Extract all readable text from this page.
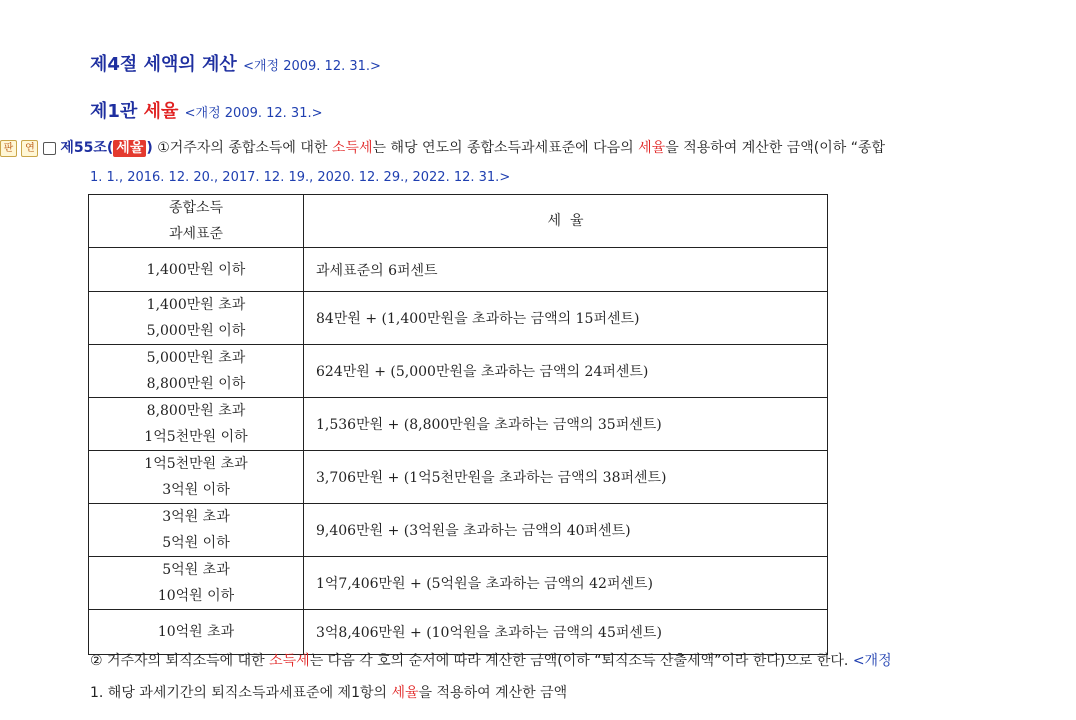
제4절 세액의 계산 <개정 2009. 12. 31.>
제1관 세율 <개정 2009. 12. 31.>
판 연 제55조( 세율 ) ①거주자의 종합소득에 대한 소득세는 해당 연도의 종합소득과세표준에 다음의 세율을 적용하여 계산한 금액(이하 “종합
1. 1., 2016. 12. 20., 2017. 12. 19., 2020. 12. 29., 2022. 12. 31.>
종합소득
과세표준	세  율

1,400만원 이하	과세표준의 6퍼센트

1,400만원 초과
5,000만원 이하	84만원 + (1,400만원을 초과하는 금액의 15퍼센트)

5,000만원 초과
8,800만원 이하	624만원 + (5,000만원을 초과하는 금액의 24퍼센트)

8,800만원 초과
1억5천만원 이하	1,536만원 + (8,800만원을 초과하는 금액의 35퍼센트)

1억5천만원 초과
3억원 이하	3,706만원 + (1억5천만원을 초과하는 금액의 38퍼센트)

3억원 초과
5억원 이하	9,406만원 + (3억원을 초과하는 금액의 40퍼센트)

5억원 초과
10억원 이하	1억7,406만원 + (5억원을 초과하는 금액의 42퍼센트)

10억원 초과	3억8,406만원 + (10억원을 초과하는 금액의 45퍼센트)
② 거주자의 퇴직소득에 대한 소득세는 다음 각 호의 순서에 따라 계산한 금액(이하 “퇴직소득 산출세액”이라 한다)으로 한다. <개정
1. 해당 과세기간의 퇴직소득과세표준에 제1항의 세율을 적용하여 계산한 금액
